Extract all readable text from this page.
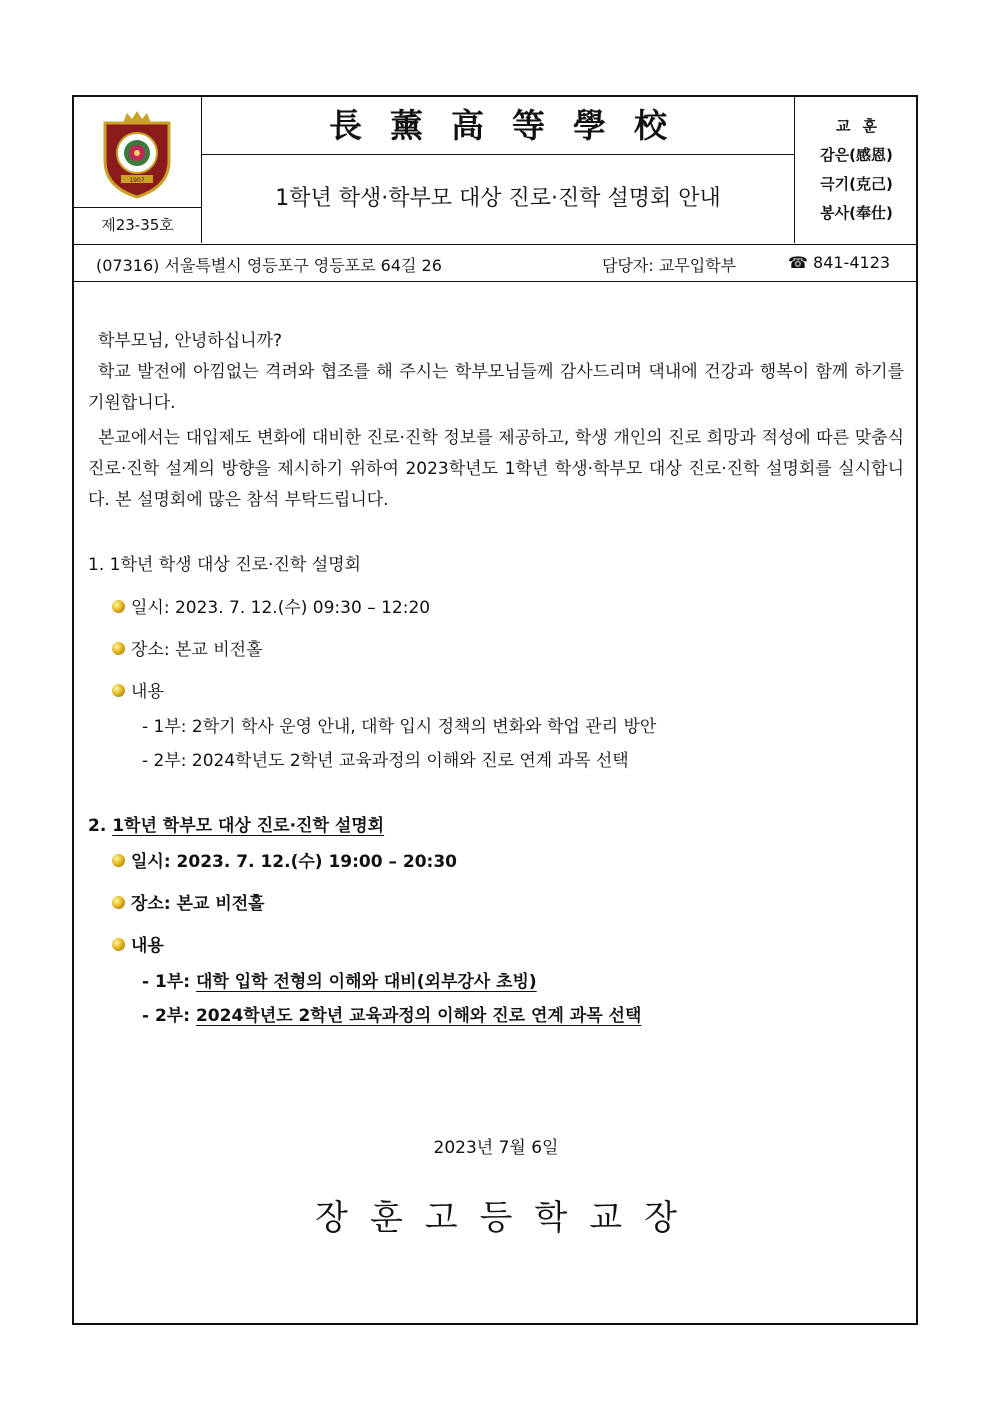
1907
제23-35호
長薰高等學校
1학년 학생·학부모 대상 진로·진학 설명회 안내
교훈
감은(感恩)
극기(克己)
봉사(奉仕)
(07316) 서울특별시 영등포구 영등포로 64길 26	담당자: 교무입학부	☎ 841-4123

학부모님, 안녕하십니까?

학교 발전에 아낌없는 격려와 협조를 해 주시는 학부모님들께 감사드리며 댁내에 건강과 행복이 함께 하기를 기원합니다.

본교에서는 대입제도 변화에 대비한 진로·진학 정보를 제공하고, 학생 개인의 진로 희망과 적성에 따른 맞춤식 진로·진학 설계의 방향을 제시하기 위하여 2023학년도 1학년 학생·학부모 대상 진로·진학 설명회를 실시합니다. 본 설명회에 많은 참석 부탁드립니다.

1. 1학년 학생 대상 진로·진학 설명회
일시: 2023. 7. 12.(수) 09:30 – 12:20
장소: 본교 비전홀
내용
- 1부: 2학기 학사 운영 안내, 대학 입시 정책의 변화와 학업 관리 방안
- 2부: 2024학년도 2학년 교육과정의 이해와 진로 연계 과목 선택
2. 1학년 학부모 대상 진로·진학 설명회
일시: 2023. 7. 12.(수) 19:00 – 20:30
장소: 본교 비전홀
내용
- 1부: 대학 입학 전형의 이해와 대비(외부강사 초빙)
- 2부: 2024학년도 2학년 교육과정의 이해와 진로 연계 과목 선택
2023년 7월 6일
장훈고등학교장
